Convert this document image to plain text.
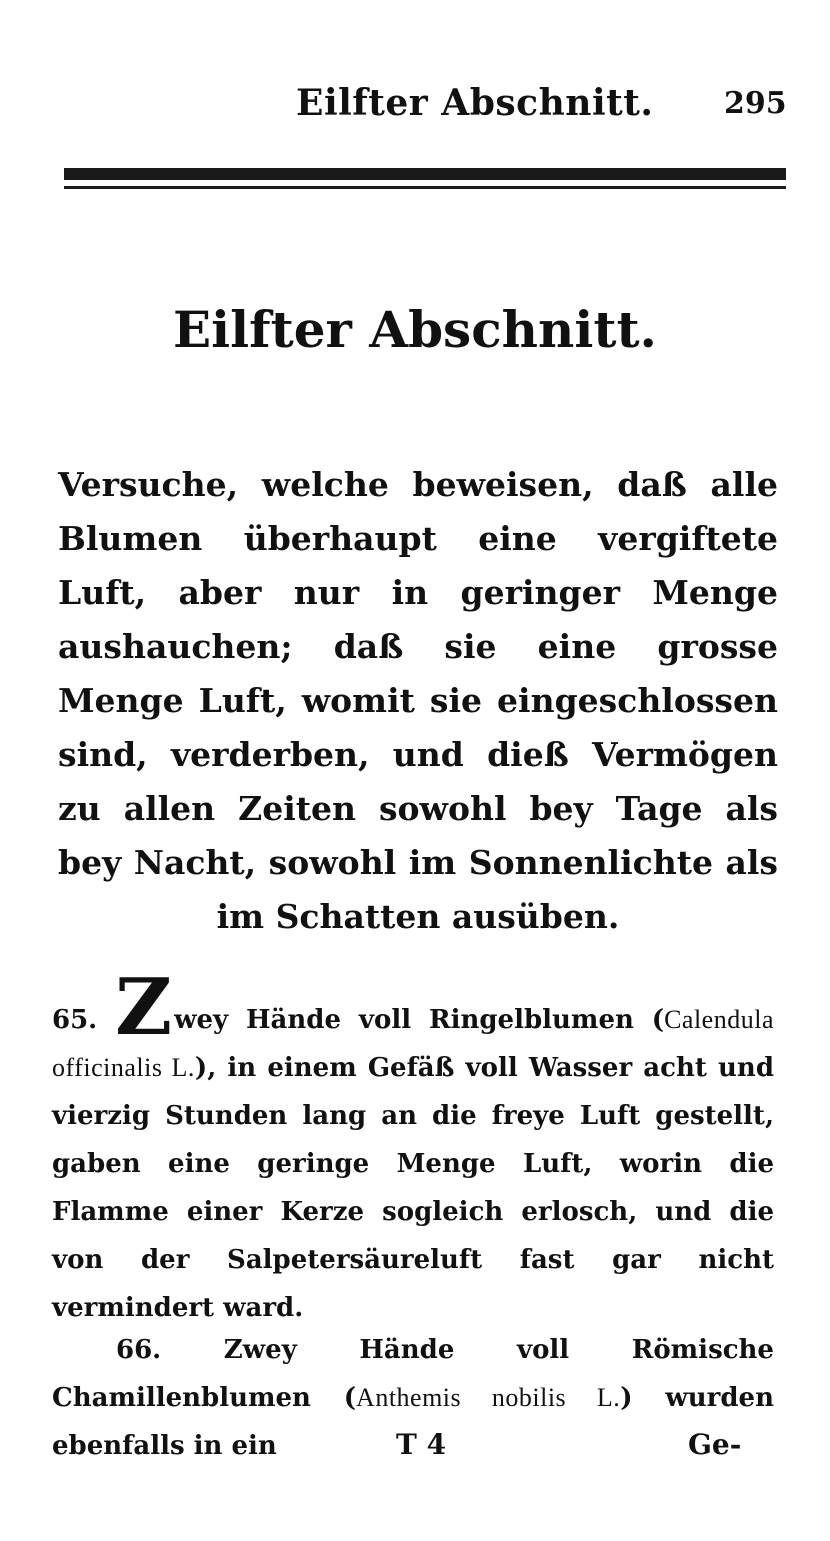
Eilfter Abschnitt. 295
Eilfter Abschnitt.
Versuche, welche beweisen, daß alle Blumen überhaupt eine vergiftete Luft, aber nur in geringer Menge aushauchen; daß sie eine grosse Menge Luft, womit sie eingeschlossen sind, verderben, und dieß Vermögen zu allen Zeiten sowohl bey Tage als bey Nacht, sowohl im Sonnenlichte als im Schatten ausüben.
65. Zwey Hände voll Ringelblumen (Calendula officinalis L.), in einem Gefäß voll Wasser acht und vierzig Stunden lang an die freye Luft gestellt, gaben eine geringe Menge Luft, worin die Flamme einer Kerze sogleich erlosch, und die von der Salpetersäureluft fast gar nicht vermindert ward.
66. Zwey Hände voll Römische Chamillenblumen (Anthemis nobilis L.) wurden ebenfalls in ein	T 4	Ge-
